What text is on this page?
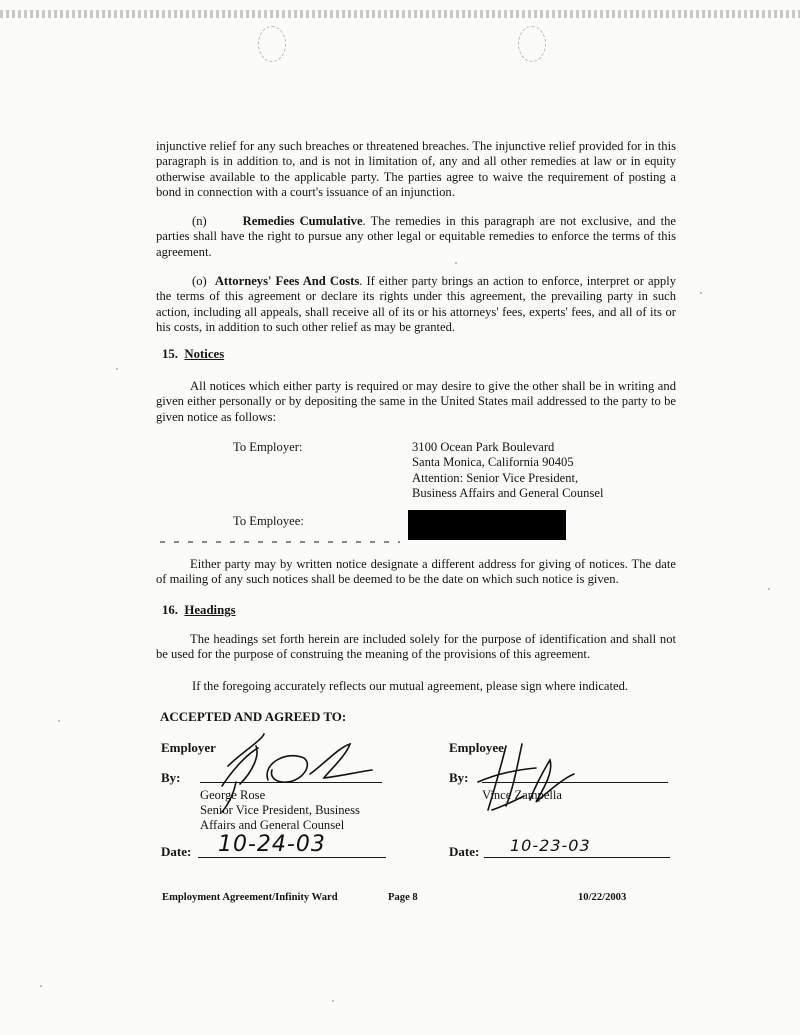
injunctive relief for any such breaches or threatened breaches. The injunctive relief provided for in this paragraph is in addition to, and is not in limitation of, any and all other remedies at law or in equity otherwise available to the applicable party. The parties agree to waive the requirement of posting a bond in connection with a court's issuance of an injunction.

(n)	Remedies Cumulative. The remedies in this paragraph are not exclusive, and the parties shall have the right to pursue any other legal or equitable remedies to enforce the terms of this agreement.

(o) Attorneys' Fees And Costs. If either party brings an action to enforce, interpret or apply the terms of this agreement or declare its rights under this agreement, the prevailing party in such action, including all appeals, shall receive all of its or his attorneys' fees, experts' fees, and all of its or his costs, in addition to such other relief as may be granted.

15. Notices

All notices which either party is required or may desire to give the other shall be in writing and given either personally or by depositing the same in the United States mail addressed to the party to be given notice as follows:

To Employer:	3100 Ocean Park Boulevard
Santa Monica, California 90405
Attention: Senior Vice President,
Business Affairs and General Counsel
To Employee:

Either party may by written notice designate a different address for giving of notices. The date of mailing of any such notices shall be deemed to be the date on which such notice is given.

16. Headings

The headings set forth herein are included solely for the purpose of identification and shall not be used for the purpose of construing the meaning of the provisions of this agreement.

If the foregoing accurately reflects our mutual agreement, please sign where indicated.
ACCEPTED AND AGREED TO:
Employer	Employee
By:	By:
George Rose
Senior Vice President, Business
Affairs and General Counsel
Vince Zampella
Date: 10-24-03	Date: 10-23-03
Employment Agreement/Infinity Ward	Page 8	10/22/2003
